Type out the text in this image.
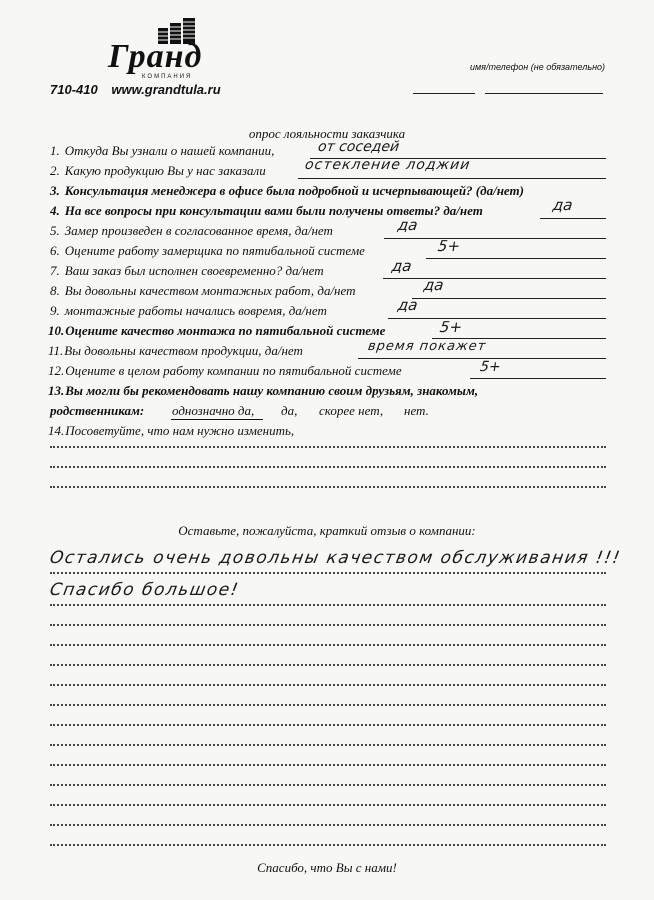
Гранд
КОМПАНИЯ
710-410 www.grandtula.ru
имя/телефон (не обязательно)
опрос лояльности заказчика
1. Откуда Вы узнали о нашей компании,	от соседей
2. Какую продукцию Вы у нас заказали	остекление лоджии
3. Консультация менеджера в офисе была подробной и исчерпывающей? (да/нет)
4. На все вопросы при консультации вами были получены ответы? да/нет	да
5. Замер произведен в согласованное время, да/нет	да
6. Оцените работу замерщика по пятибальной системе	5+
7. Ваш заказ был исполнен своевременно? да/нет	да
8. Вы довольны качеством монтажных работ, да/нет	да
9. монтажные работы начались вовремя, да/нет	да
10.Оцените качество монтажа по пятибальной системе	5+
11.Вы довольны качеством продукции, да/нет	время покажет
12.Оцените в целом работу компании по пятибальной системе	5+
13.Вы могли бы рекомендовать нашу компанию своим друзьям, знакомым,
родственникам: однозначно да, да, скорее нет, нет.
14.Посоветуйте, что нам нужно изменить,
Оставьте, пожалуйста, краткий отзыв о компании:
Остались очень довольны качеством обслуживания !!!
Спасибо большое!
Спасибо, что Вы с нами!
